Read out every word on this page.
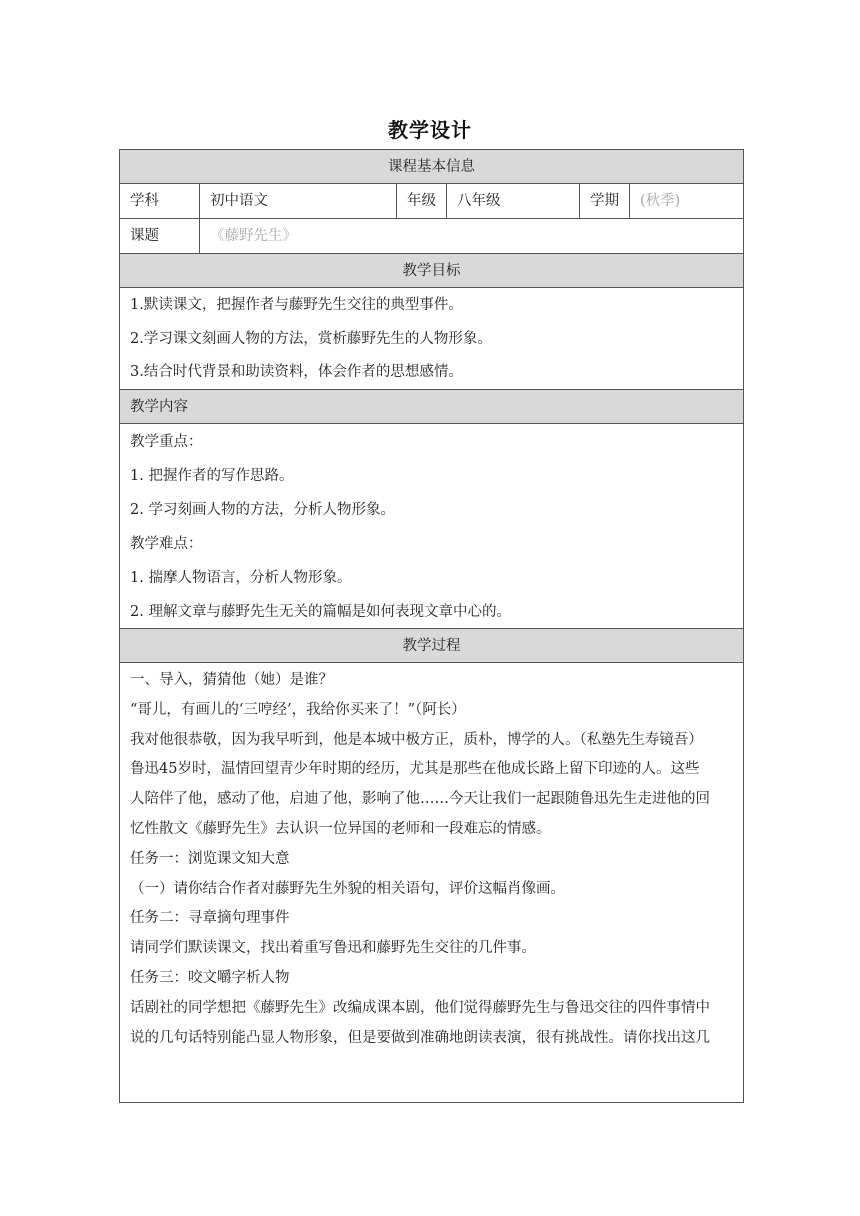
教学设计
课程基本信息
学科	初中语文	年级	八年级	学期	(秋季)
课题	《藤野先生》
教学目标
1.默读课文，把握作者与藤野先生交往的典型事件。
2.学习课文刻画人物的方法，赏析藤野先生的人物形象。
3.结合时代背景和助读资料，体会作者的思想感情。
教学内容
教学重点：
1. 把握作者的写作思路。
2. 学习刻画人物的方法，分析人物形象。
教学难点：
1. 揣摩人物语言，分析人物形象。
2. 理解文章与藤野先生无关的篇幅是如何表现文章中心的。
教学过程
一、导入，猜猜他（她）是谁？
“哥儿，有画儿的‘三哼经’，我给你买来了！”（阿长）
我对他很恭敬，因为我早听到，他是本城中极方正，质朴，博学的人。（私塾先生寿镜吾）
鲁迅45岁时，温情回望青少年时期的经历，尤其是那些在他成长路上留下印迹的人。这些
人陪伴了他，感动了他，启迪了他，影响了他……今天让我们一起跟随鲁迅先生走进他的回
忆性散文《藤野先生》去认识一位异国的老师和一段难忘的情感。
任务一：浏览课文知大意
（一）请你结合作者对藤野先生外貌的相关语句，评价这幅肖像画。
任务二：寻章摘句理事件
请同学们默读课文，找出着重写鲁迅和藤野先生交往的几件事。
任务三：咬文嚼字析人物
话剧社的同学想把《藤野先生》改编成课本剧，他们觉得藤野先生与鲁迅交往的四件事情中
说的几句话特别能凸显人物形象，但是要做到准确地朗读表演，很有挑战性。请你找出这几
